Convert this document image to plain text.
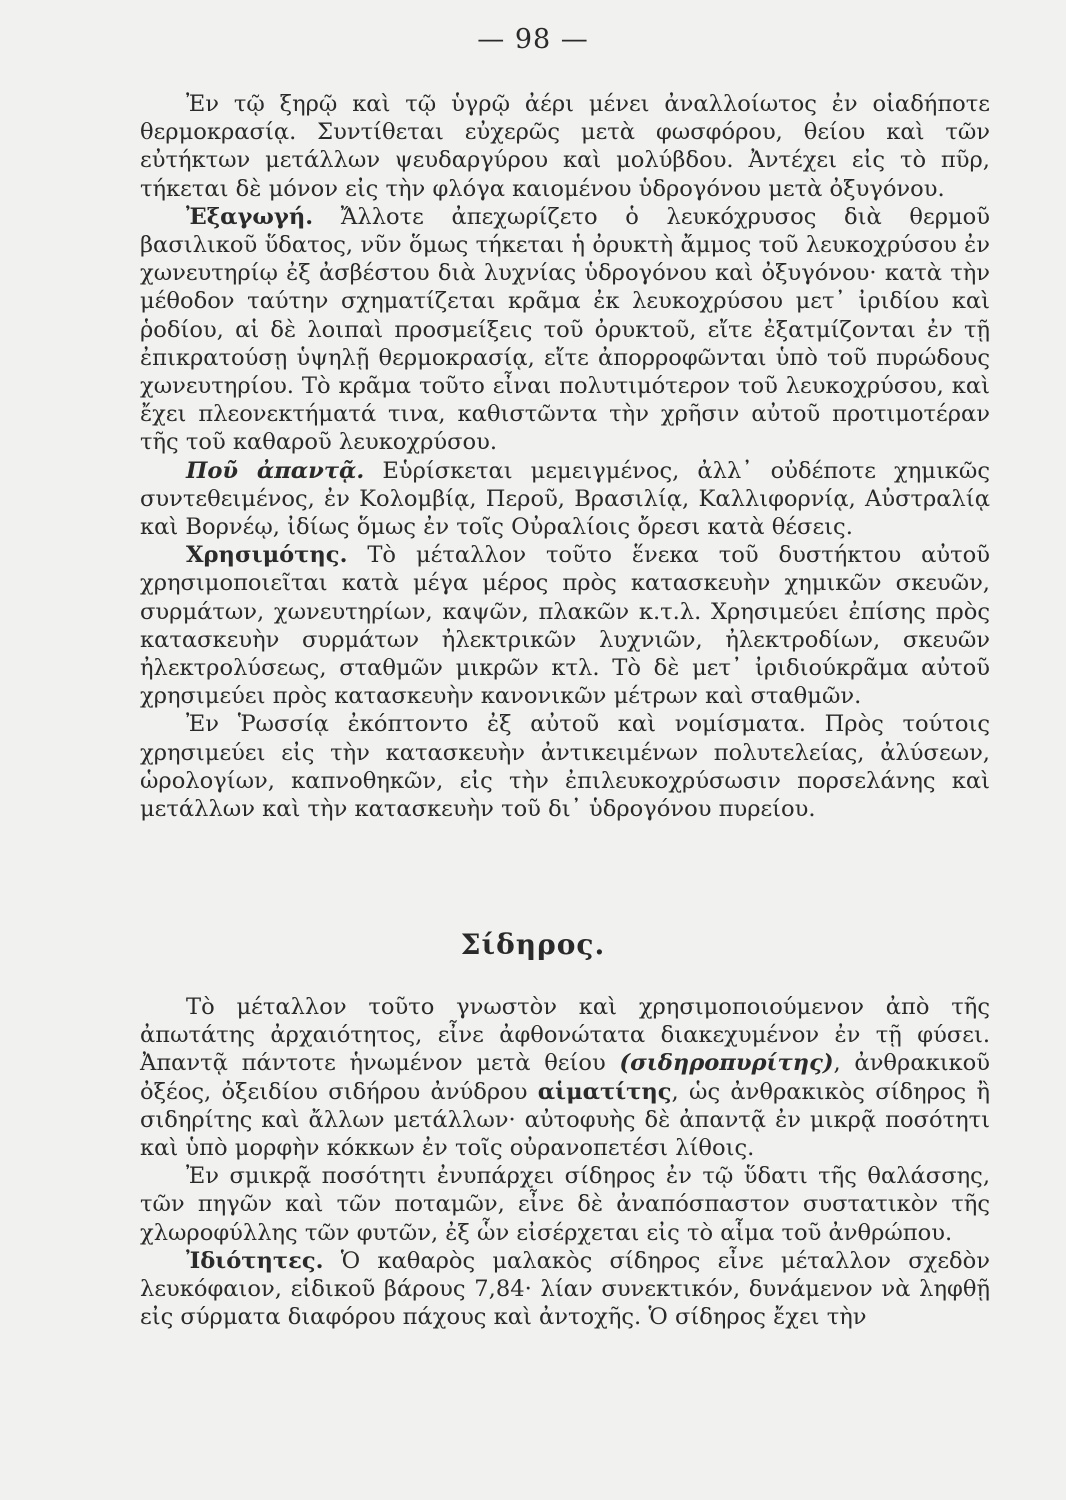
— 98 —

Ἐν τῷ ξηρῷ καὶ τῷ ὑγρῷ ἀέρι μένει ἀναλλοίωτος ἐν οἱαδήποτε θερμοκρασίᾳ. Συντίθεται εὐχερῶς μετὰ φωσφόρου, θείου καὶ τῶν εὐτήκτων μετάλλων ψευδαργύρου καὶ μολύβδου. Ἀντέχει εἰς τὸ πῦρ, τήκεται δὲ μόνον εἰς τὴν φλόγα καιομένου ὑδρογόνου μετὰ ὀξυγόνου.

Ἐξαγωγή. Ἄλλοτε ἀπεχωρίζετο ὁ λευκόχρυσος διὰ θερμοῦ βασιλικοῦ ὕδατος, νῦν ὅμως τήκεται ἡ ὀρυκτὴ ἄμμος τοῦ λευκοχρύσου ἐν χωνευτηρίῳ ἐξ ἀσβέστου διὰ λυχνίας ὑδρογόνου καὶ ὀξυγόνου· κατὰ τὴν μέθοδον ταύτην σχηματίζεται κρᾶμα ἐκ λευκοχρύσου μετ᾽ ἰριδίου καὶ ῥοδίου, αἱ δὲ λοιπαὶ προσμείξεις τοῦ ὀρυκτοῦ, εἴτε ἐξατμίζονται ἐν τῇ ἐπικρατούσῃ ὑψηλῇ θερμοκρασίᾳ, εἴτε ἀπορροφῶνται ὑπὸ τοῦ πυρώδους χωνευτηρίου. Τὸ κρᾶμα τοῦτο εἶναι πολυτιμότερον τοῦ λευκοχρύσου, καὶ ἔχει πλεονεκτήματά τινα, καθιστῶντα τὴν χρῆσιν αὐτοῦ προτιμοτέραν τῆς τοῦ καθαροῦ λευκοχρύσου.

Ποῦ ἀπαντᾷ. Εὑρίσκεται μεμειγμένος, ἀλλ᾽ οὐδέποτε χημικῶς συντεθειμένος, ἐν Κολομβίᾳ, Περοῦ, Βρασιλίᾳ, Καλλιφορνίᾳ, Αὐστραλίᾳ καὶ Βορνέῳ, ἰδίως ὅμως ἐν τοῖς Οὐραλίοις ὄρεσι κατὰ θέσεις.

Χρησιμότης. Τὸ μέταλλον τοῦτο ἕνεκα τοῦ δυστήκτου αὐτοῦ χρησιμοποιεῖται κατὰ μέγα μέρος πρὸς κατασκευὴν χημικῶν σκευῶν, συρμάτων, χωνευτηρίων, καψῶν, πλακῶν κ.τ.λ. Χρησιμεύει ἐπίσης πρὸς κατασκευὴν συρμάτων ἠλεκτρικῶν λυχνιῶν, ἠλεκτροδίων, σκευῶν ἠλεκτρολύσεως, σταθμῶν μικρῶν κτλ. Τὸ δὲ μετ᾽ ἰριδιούκρᾶμα αὐτοῦ χρησιμεύει πρὸς κατασκευὴν κανονικῶν μέτρων καὶ σταθμῶν.

Ἐν Ῥωσσίᾳ ἐκόπτοντο ἐξ αὐτοῦ καὶ νομίσματα. Πρὸς τούτοις χρησιμεύει εἰς τὴν κατασκευὴν ἀντικειμένων πολυτελείας, ἀλύσεων, ὡρολογίων, καπνοθηκῶν, εἰς τὴν ἐπιλευκοχρύσωσιν πορσελάνης καὶ μετάλλων καὶ τὴν κατασκευὴν τοῦ δι᾽ ὑδρογόνου πυρείου.

Σίδηρος.

Τὸ μέταλλον τοῦτο γνωστὸν καὶ χρησιμοποιούμενον ἀπὸ τῆς ἀπωτάτης ἀρχαιότητος, εἶνε ἀφθονώτατα διακεχυμένον ἐν τῇ φύσει. Ἀπαντᾷ πάντοτε ἡνωμένον μετὰ θείου (σιδηροπυρίτης), ἀνθρακικοῦ ὀξέος, ὀξειδίου σιδήρου ἀνύδρου αἱματίτης, ὡς ἀνθρακικὸς σίδηρος ἢ σιδηρίτης καὶ ἄλλων μετάλλων· αὐτοφυὴς δὲ ἀπαντᾷ ἐν μικρᾷ ποσότητι καὶ ὑπὸ μορφὴν κόκκων ἐν τοῖς οὐρανοπετέσι λίθοις.

Ἐν σμικρᾷ ποσότητι ἐνυπάρχει σίδηρος ἐν τῷ ὕδατι τῆς θαλάσσης, τῶν πηγῶν καὶ τῶν ποταμῶν, εἶνε δὲ ἀναπόσπαστον συστατικὸν τῆς χλωροφύλλης τῶν φυτῶν, ἐξ ὧν εἰσέρχεται εἰς τὸ αἷμα τοῦ ἀνθρώπου.

Ἰδιότητες. Ὁ καθαρὸς μαλακὸς σίδηρος εἶνε μέταλλον σχεδὸν λευκόφαιον, εἰδικοῦ βάρους 7,84· λίαν συνεκτικόν, δυνάμενον νὰ ληφθῇ εἰς σύρματα διαφόρου πάχους καὶ ἀντοχῆς. Ὁ σίδηρος ἔχει τὴν
